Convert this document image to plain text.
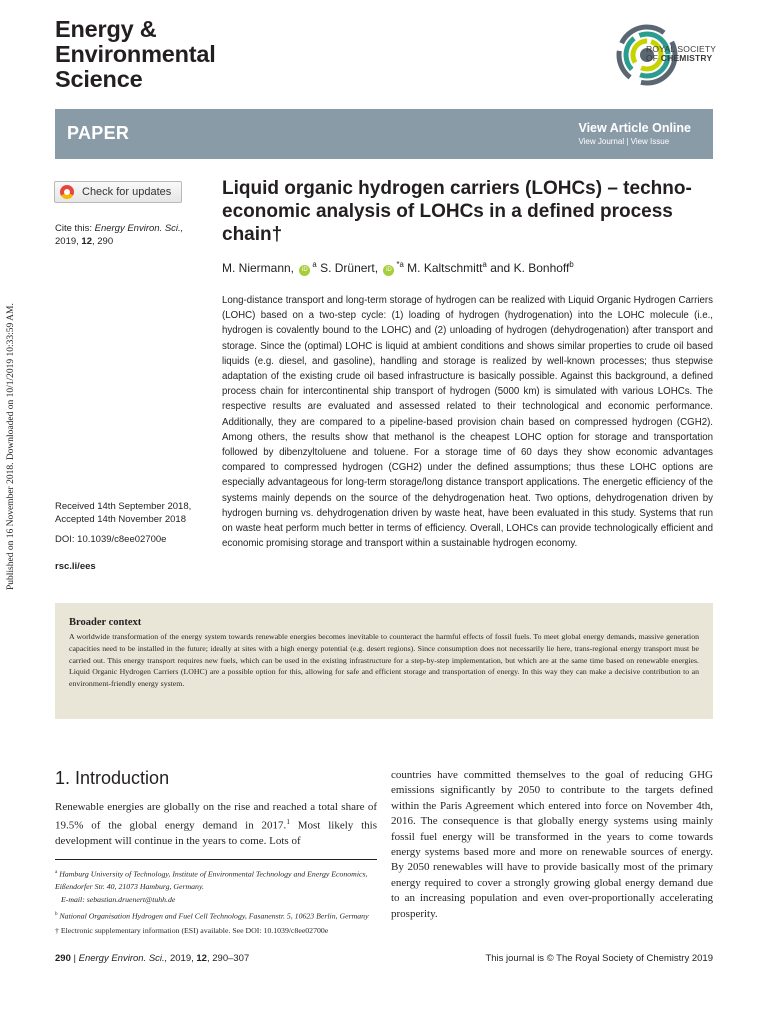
Published on 16 November 2018. Downloaded on 10/1/2019 10:33:59 AM.
Energy &
Environmental
Science
ROYAL SOCIETY
OF CHEMISTRY
PAPER	View Article Online
View Journal | View Issue
Check for updates
Cite this: Energy Environ. Sci.,
2019, 12, 290
Received 14th September 2018,
Accepted 14th November 2018
DOI: 10.1039/c8ee02700e
rsc.li/ees
Liquid organic hydrogen carriers (LOHCs) – techno-economic analysis of LOHCs in a defined process chain†
M. Niermann, $iD^a$ S. Drünert, $iD^{*a}$ M. Kaltschmitt$^a$ and K. Bonhoff$^b$
Long-distance transport and long-term storage of hydrogen can be realized with Liquid Organic Hydrogen Carriers (LOHC) based on a two-step cycle: (1) loading of hydrogen (hydrogenation) into the LOHC molecule (i.e., hydrogen is covalently bound to the LOHC) and (2) unloading of hydrogen (dehydrogenation) after transport and storage. Since the (optimal) LOHC is liquid at ambient conditions and shows similar properties to crude oil based liquids (e.g. diesel, and gasoline), handling and storage is realized by well-known processes; thus stepwise adaptation of the existing crude oil based infrastructure is basically possible. Against this background, a defined process chain for intercontinental ship transport of hydrogen (5000 km) is simulated with various LOHCs. The respective results are evaluated and assessed related to their technological and economic performance. Additionally, they are compared to a pipeline-based provision chain based on compressed hydrogen (CGH2). Among others, the results show that methanol is the cheapest LOHC option for storage and transportation followed by dibenzyltoluene and toluene. For a storage time of 60 days they show economic advantages compared to compressed hydrogen (CGH2) under the defined assumptions; thus these LOHC options are especially advantageous for long-term storage/long distance transport applications. The energetic efficiency of the systems mainly depends on the source of the dehydrogenation heat. Two options, dehydrogenation driven by hydrogen burning vs. dehydrogenation driven by waste heat, have been evaluated in this study. Systems that run on waste heat perform much better in terms of efficiency. Overall, LOHCs can provide technologically efficient and economic promising storage and transport within a sustainable hydrogen economy.
Broader context

A worldwide transformation of the energy system towards renewable energies becomes inevitable to counteract the harmful effects of fossil fuels. To meet global energy demands, massive generation capacities need to be installed in the future; ideally at sites with a high energy potential (e.g. desert regions). Since consumption does not necessarily lie here, trans-regional energy transport must be carried out. This energy transport requires new fuels, which can be used in the existing infrastructure for a step-by-step implementation, but which are at the same time based on renewable energies. Liquid Organic Hydrogen Carriers (LOHC) are a possible option for this, allowing for safe and efficient storage and transportation of energy. In this way they can make a decisive contribution to an environment-friendly energy system.

1. Introduction
Renewable energies are globally on the rise and reached a total share of 19.5% of the global energy demand in 2017.$^1$ Most likely this development will continue in the years to come. Lots of
countries have committed themselves to the goal of reducing GHG emissions significantly by 2050 to contribute to the targets defined within the Paris Agreement which entered into force on November 4th, 2016. The consequence is that globally energy systems using mainly fossil fuel energy will be transformed in the years to come towards energy systems based more and more on renewable sources of energy. By 2050 renewables will have to provide basically most of the primary energy required to cover a strongly growing global energy demand due to an increasing population and even over-proportionally accelerating prosperity.
$^a$ Hamburg University of Technology, Institute of Environmental Technology and Energy Economics, Eißendorfer Str. 40, 21073 Hamburg, Germany.
E-mail: sebastian.druenert@tuhh.de
$^b$ National Organisation Hydrogen and Fuel Cell Technology, Fasanenstr. 5, 10623 Berlin, Germany
† Electronic supplementary information (ESI) available. See DOI: 10.1039/c8ee02700e
290 | Energy Environ. Sci., 2019, 12, 290–307	This journal is © The Royal Society of Chemistry 2019
